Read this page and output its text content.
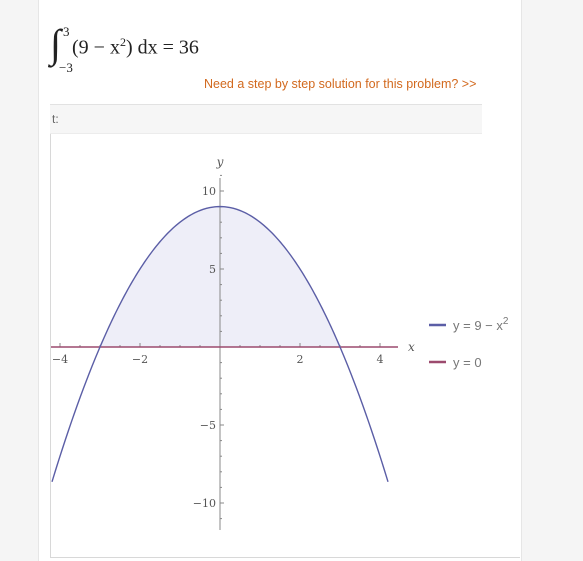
∫ 3
−3
$(9 - x^2)$ dx = 36
Need a step by step solution for this problem? >>
t:
−4	−2	2	4
10
5
−5
−10
x
y
$y = 9 - x^2$
y = 0
